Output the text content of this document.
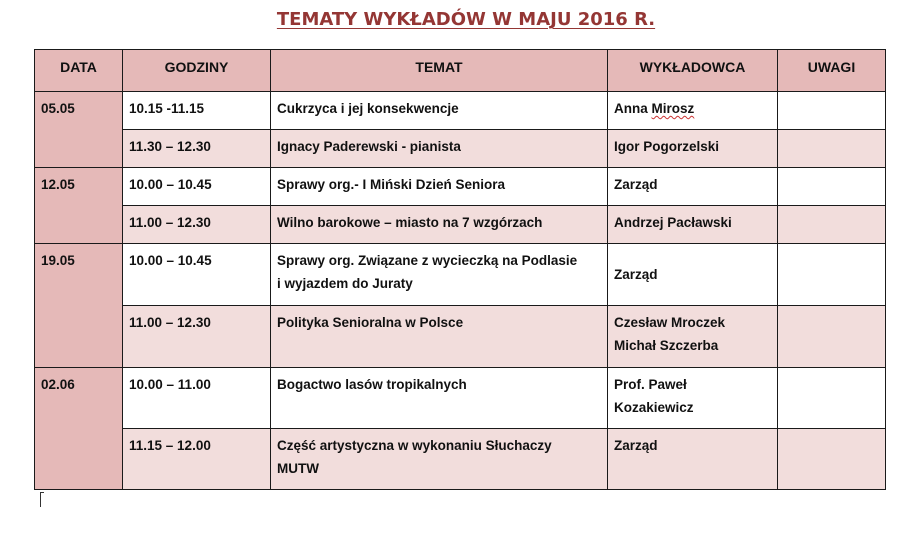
TEMATY WYKŁADÓW W MAJU 2016 R.
DATA	GODZINY	TEMAT	WYKŁADOWCA	UWAGI
05.05	10.15 -11.15	Cukrzyca i jej konsekwencje	Anna Mirosz	
	11.30 – 12.30	Ignacy Paderewski - pianista	Igor Pogorzelski	
12.05	10.00 – 10.45	Sprawy org.- I Miński Dzień Seniora	Zarząd	
	11.00 – 12.30	Wilno barokowe – miasto na 7 wzgórzach	Andrzej Pacławski	
19.05	10.00 – 10.45	Sprawy org. Związane z wycieczką na Podlasie
i wyjazdem do Juraty	Zarząd	
	11.00 – 12.30	Polityka Senioralna w Polsce	Czesław Mroczek
Michał Szczerba	

02.06	10.00 – 11.00	Bogactwo lasów tropikalnych	Prof. Paweł
Kozakiewicz	

	11.15 – 12.00	Część artystyczna w wykonaniu Słuchaczy
MUTW	Zarząd	
